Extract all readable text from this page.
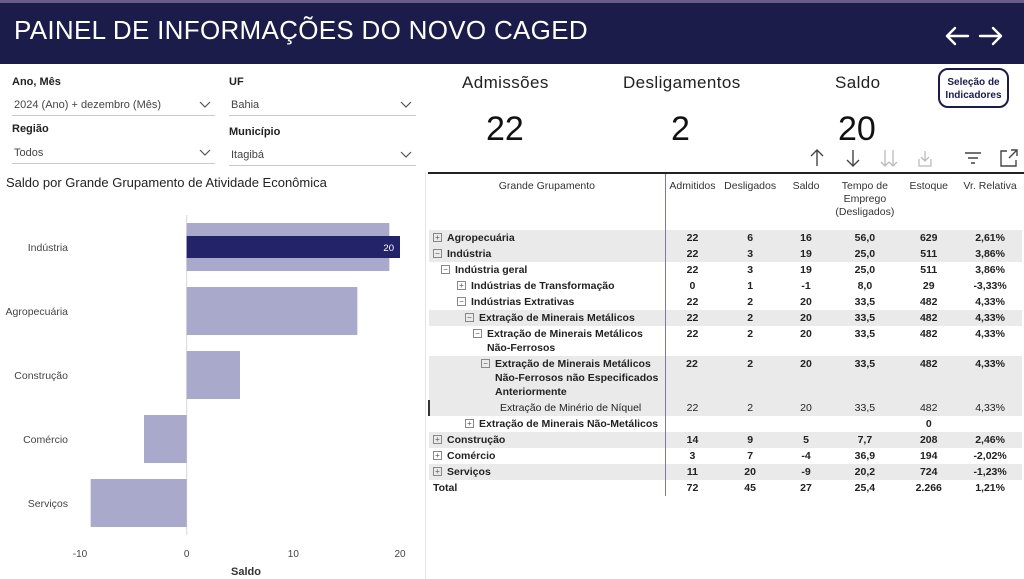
PAINEL DE INFORMAÇÕES DO NOVO CAGED
Ano, Mês
2024 (Ano) + dezembro (Mês)
UF
Bahia
Região
Todos
Município
Itagibá
Admissões
22
Desligamentos
2
Saldo
20
Seleção de
Indicadores
Saldo por Grande Grupamento de Atividade Econômica
Indústria	20
Agropecuária
Construção
Comércio
Serviços
-10	0	10	20
Saldo
Grande Grupamento	Admitidos	Desligados	Saldo	Tempo de Emprego (Desligados)	Estoque	Vr. Relativa

+ Agropecuária	22	6	16	56,0	629	2,61%

− Indústria	22	3	19	25,0	511	3,86%

− Indústria geral	22	3	19	25,0	511	3,86%

+ Indústrias de Transformação	0	1	-1	8,0	29	-3,33%

− Indústrias Extrativas	22	2	20	33,5	482	4,33%

− Extração de Minerais Metálicos	22	2	20	33,5	482	4,33%

− Extração de Minerais Metálicos Não-Ferrosos	22	2	20	33,5	482	4,33%

− Extração de Minerais Metálicos Não-Ferrosos não Especificados Anteriormente	22	2	20	33,5	482	4,33%

Extração de Minério de Níquel	22	2	20	33,5	482	4,33%

+ Extração de Minerais Não-Metálicos					0	

+ Construção	14	9	5	7,7	208	2,46%

+ Comércio	3	7	-4	36,9	194	-2,02%

+ Serviços	11	20	-9	20,2	724	-1,23%

Total	72	45	27	25,4	2.266	1,21%
